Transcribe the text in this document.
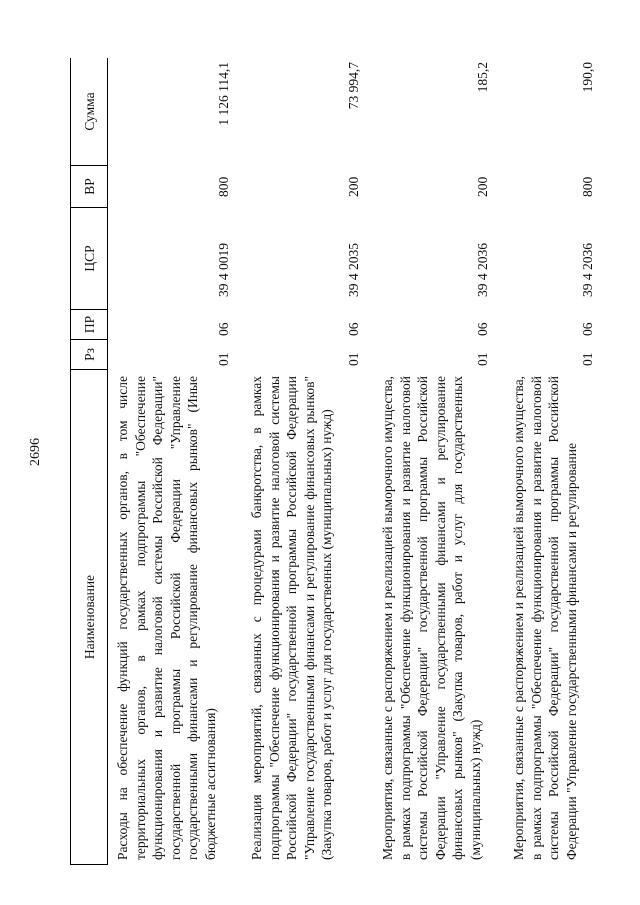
2696
Наименование
Рз
ПР
ЦСР
ВР
Сумма
Расходы на обеспечение функций государственных органов, в том числе территориальных органов, в рамках подпрограммы "Обеспечение функционирования и развитие налоговой системы Российской Федерации" государственной программы Российской Федерации "Управление государственными финансами и регулирование финансовых рынков" (Иные бюджетные ассигнования)
01
06
39 4 0019
800
1 126 114,1
Реализация мероприятий, связанных с процедурами банкротства, в рамках подпрограммы "Обеспечение функционирования и развитие налоговой системы Российской Федерации" государственной программы Российской Федерации "Управление государственными финансами и регулирование финансовых рынков" (Закупка товаров, работ и услуг для государственных (муниципальных) нужд)
01
06
39 4 2035
200
73 994,7
Мероприятия, связанные с распоряжением и реализацией выморочного имущества, в рамках подпрограммы "Обеспечение функционирования и развитие налоговой системы Российской Федерации" государственной программы Российской Федерации "Управление государственными финансами и регулирование финансовых рынков" (Закупка товаров, работ и услуг для государственных (муниципальных) нужд)
01
06
39 4 2036
200
185,2
Мероприятия, связанные с распоряжением и реализацией выморочного имущества, в рамках подпрограммы "Обеспечение функционирования и развитие налоговой системы Российской Федерации" государственной программы Российской Федерации "Управление государственными финансами и регулирование
01
06
39 4 2036
800
190,0
